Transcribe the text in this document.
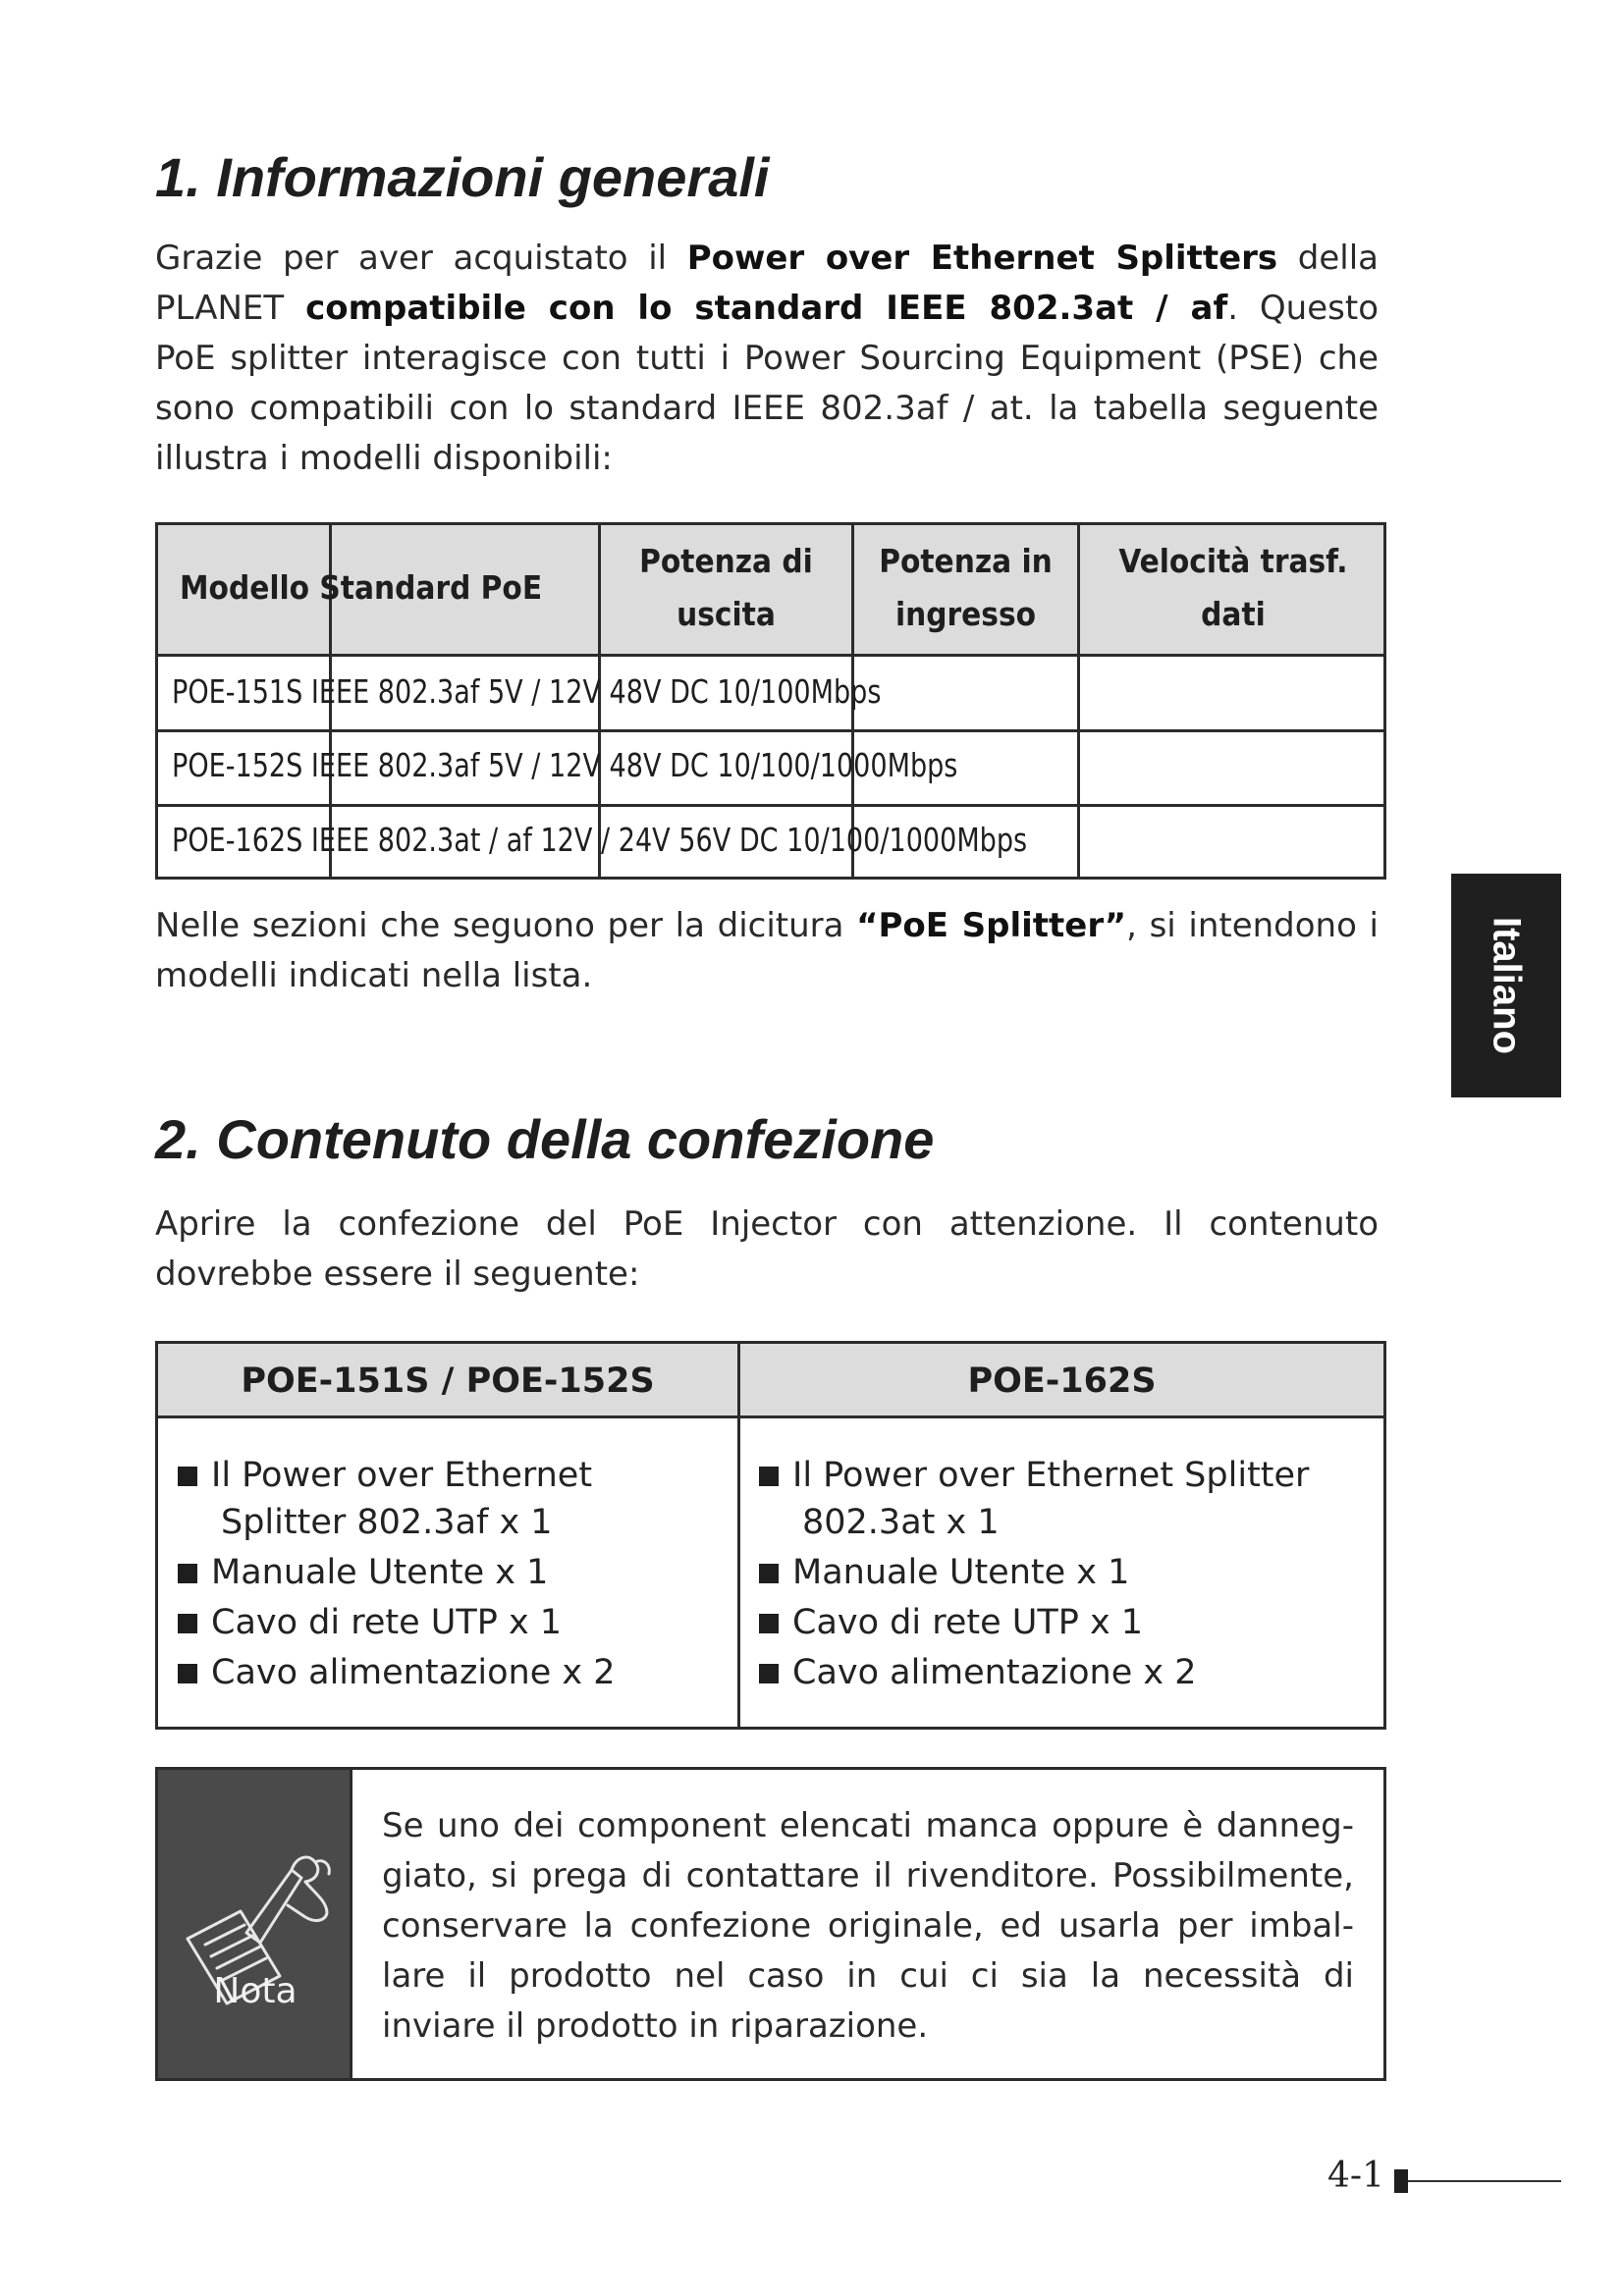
1. Informazioni generali
Grazie per aver acquistato il Power over Ethernet Splitters della
PLANET compatibile con lo standard IEEE 802.3at / af. Questo
PoE splitter interagisce con tutti i Power Sourcing Equipment (PSE) che
sono compatibili con lo standard IEEE 802.3af / at. la tabella seguente
illustra i modelli disponibili:
Modello Standard PoE
Potenza di
uscita
Potenza in
ingresso
Velocità trasf.
dati
POE-151S IEEE 802.3af 5V / 12V 48V DC 10/100Mbps
POE-152S IEEE 802.3af 5V / 12V 48V DC 10/100/1000Mbps
POE-162S IEEE 802.3at / af 12V / 24V 56V DC 10/100/1000Mbps
Nelle sezioni che seguono per la dicitura “PoE Splitter”, si intendono i
modelli indicati nella lista.
2. Contenuto della confezione
Aprire la confezione del PoE Injector con attenzione. Il contenuto
dovrebbe essere il seguente:
POE-151S / POE-152S	POE-162S
Il Power over Ethernet
Splitter 802.3af x 1
Manuale Utente x 1
Cavo di rete UTP x 1
Cavo alimentazione x 2
Il Power over Ethernet Splitter
802.3at x 1
Manuale Utente x 1
Cavo di rete UTP x 1
Cavo alimentazione x 2
Nota
Se uno dei component elencati manca oppure è danneg-
giato, si prega di contattare il rivenditore. Possibilmente,
conservare la confezione originale, ed usarla per imbal-
lare il prodotto nel caso in cui ci sia la necessità di
inviare il prodotto in riparazione.
Italiano
4-1
